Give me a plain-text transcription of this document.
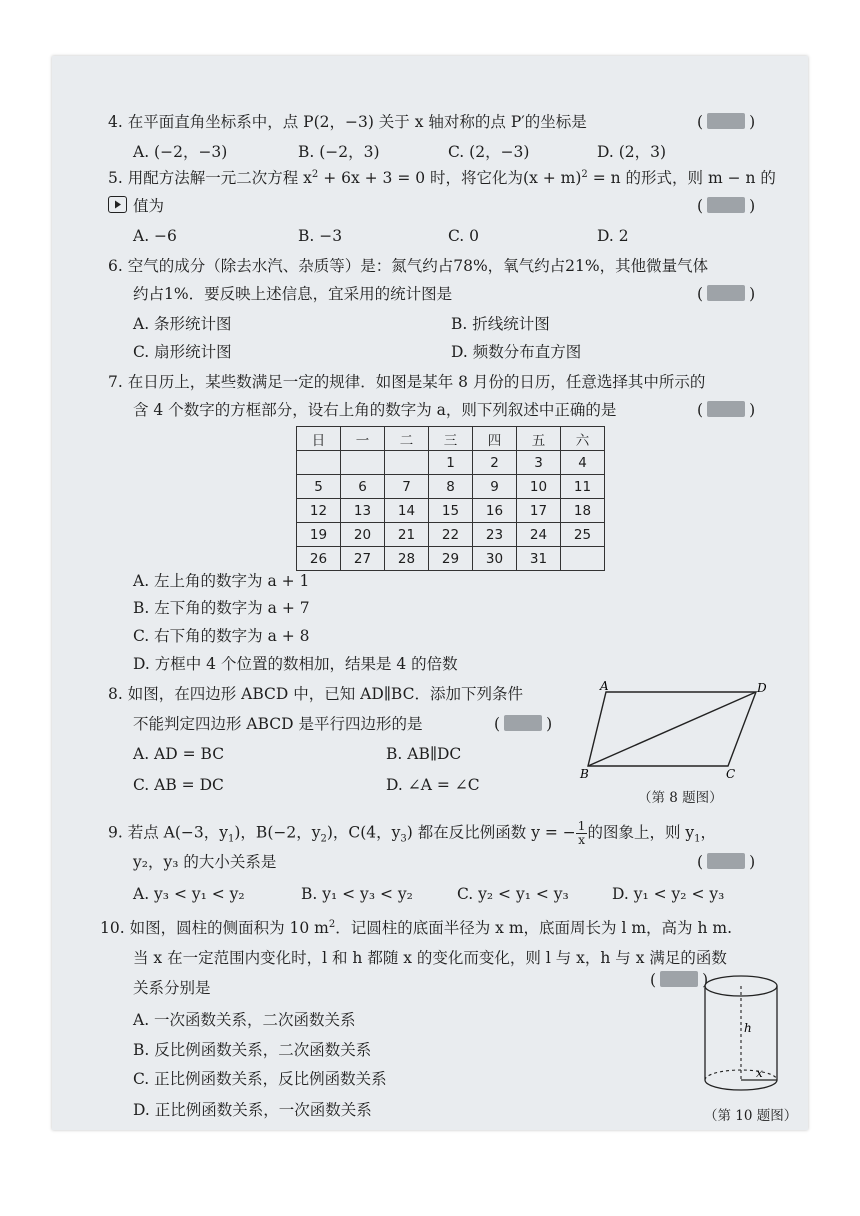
4. 在平面直角坐标系中，点 P(2，−3) 关于 x 轴对称的点 P′的坐标是	(	)
A. (−2，−3)	B. (−2，3)	C. (2，−3)	D. (2，3)
5. 用配方法解一元二次方程 $x^2 + 6x + 3 = 0$ 时，将它化为$(x + m)^2 = n$ 的形式，则 m − n 的
值为	(	)
A. −6	B. −3	C. 0	D. 2
6. 空气的成分（除去水汽、杂质等）是：氮气约占78%，氧气约占21%，其他微量气体
约占1%．要反映上述信息，宜采用的统计图是	(	)
A. 条形统计图	B. 折线统计图
C. 扇形统计图	D. 频数分布直方图
7. 在日历上，某些数满足一定的规律．如图是某年 8 月份的日历，任意选择其中所示的
含 4 个数字的方框部分，设右上角的数字为 a，则下列叙述中正确的是	(	)
日	一	二	三	四	五	六
			1	2	3	4
5	6	7	8	9	10	11
12	13	14	15	16	17	18
19	20	21	22	23	24	25
26	27	28	29	30	31	
A. 左上角的数字为 a + 1
B. 左下角的数字为 a + 7
C. 右下角的数字为 a + 8
D. 方框中 4 个位置的数相加，结果是 4 的倍数
8. 如图，在四边形 ABCD 中，已知 AD∥BC．添加下列条件
不能判定四边形 ABCD 是平行四边形的是	(	)
A. AD = BC	B. AB∥DC
C. AB = DC	D. ∠A = ∠C
A	D
B	C
（第 8 题图）
9. 若点 A(−3，$y_1$)，B(−2，$y_2$)，C(4，$y_3$) 都在反比例函数 y = − $\frac{1}{x}$ 的图象上，则 $y_1$，
y₂，y₃ 的大小关系是	(	)
A. y₃ < y₁ < y₂	B. y₁ < y₃ < y₂	C. y₂ < y₁ < y₃	D. y₁ < y₂ < y₃
10. 如图，圆柱的侧面积为 10 $m^2$．记圆柱的底面半径为 x m，底面周长为 l m，高为 h m.
当 x 在一定范围内变化时，l 和 h 都随 x 的变化而变化，则 l 与 x，h 与 x 满足的函数
关系分别是	(	)
A. 一次函数关系，二次函数关系
B. 反比例函数关系，二次函数关系
C. 正比例函数关系，反比例函数关系
D. 正比例函数关系，一次函数关系
h
x
（第 10 题图）
